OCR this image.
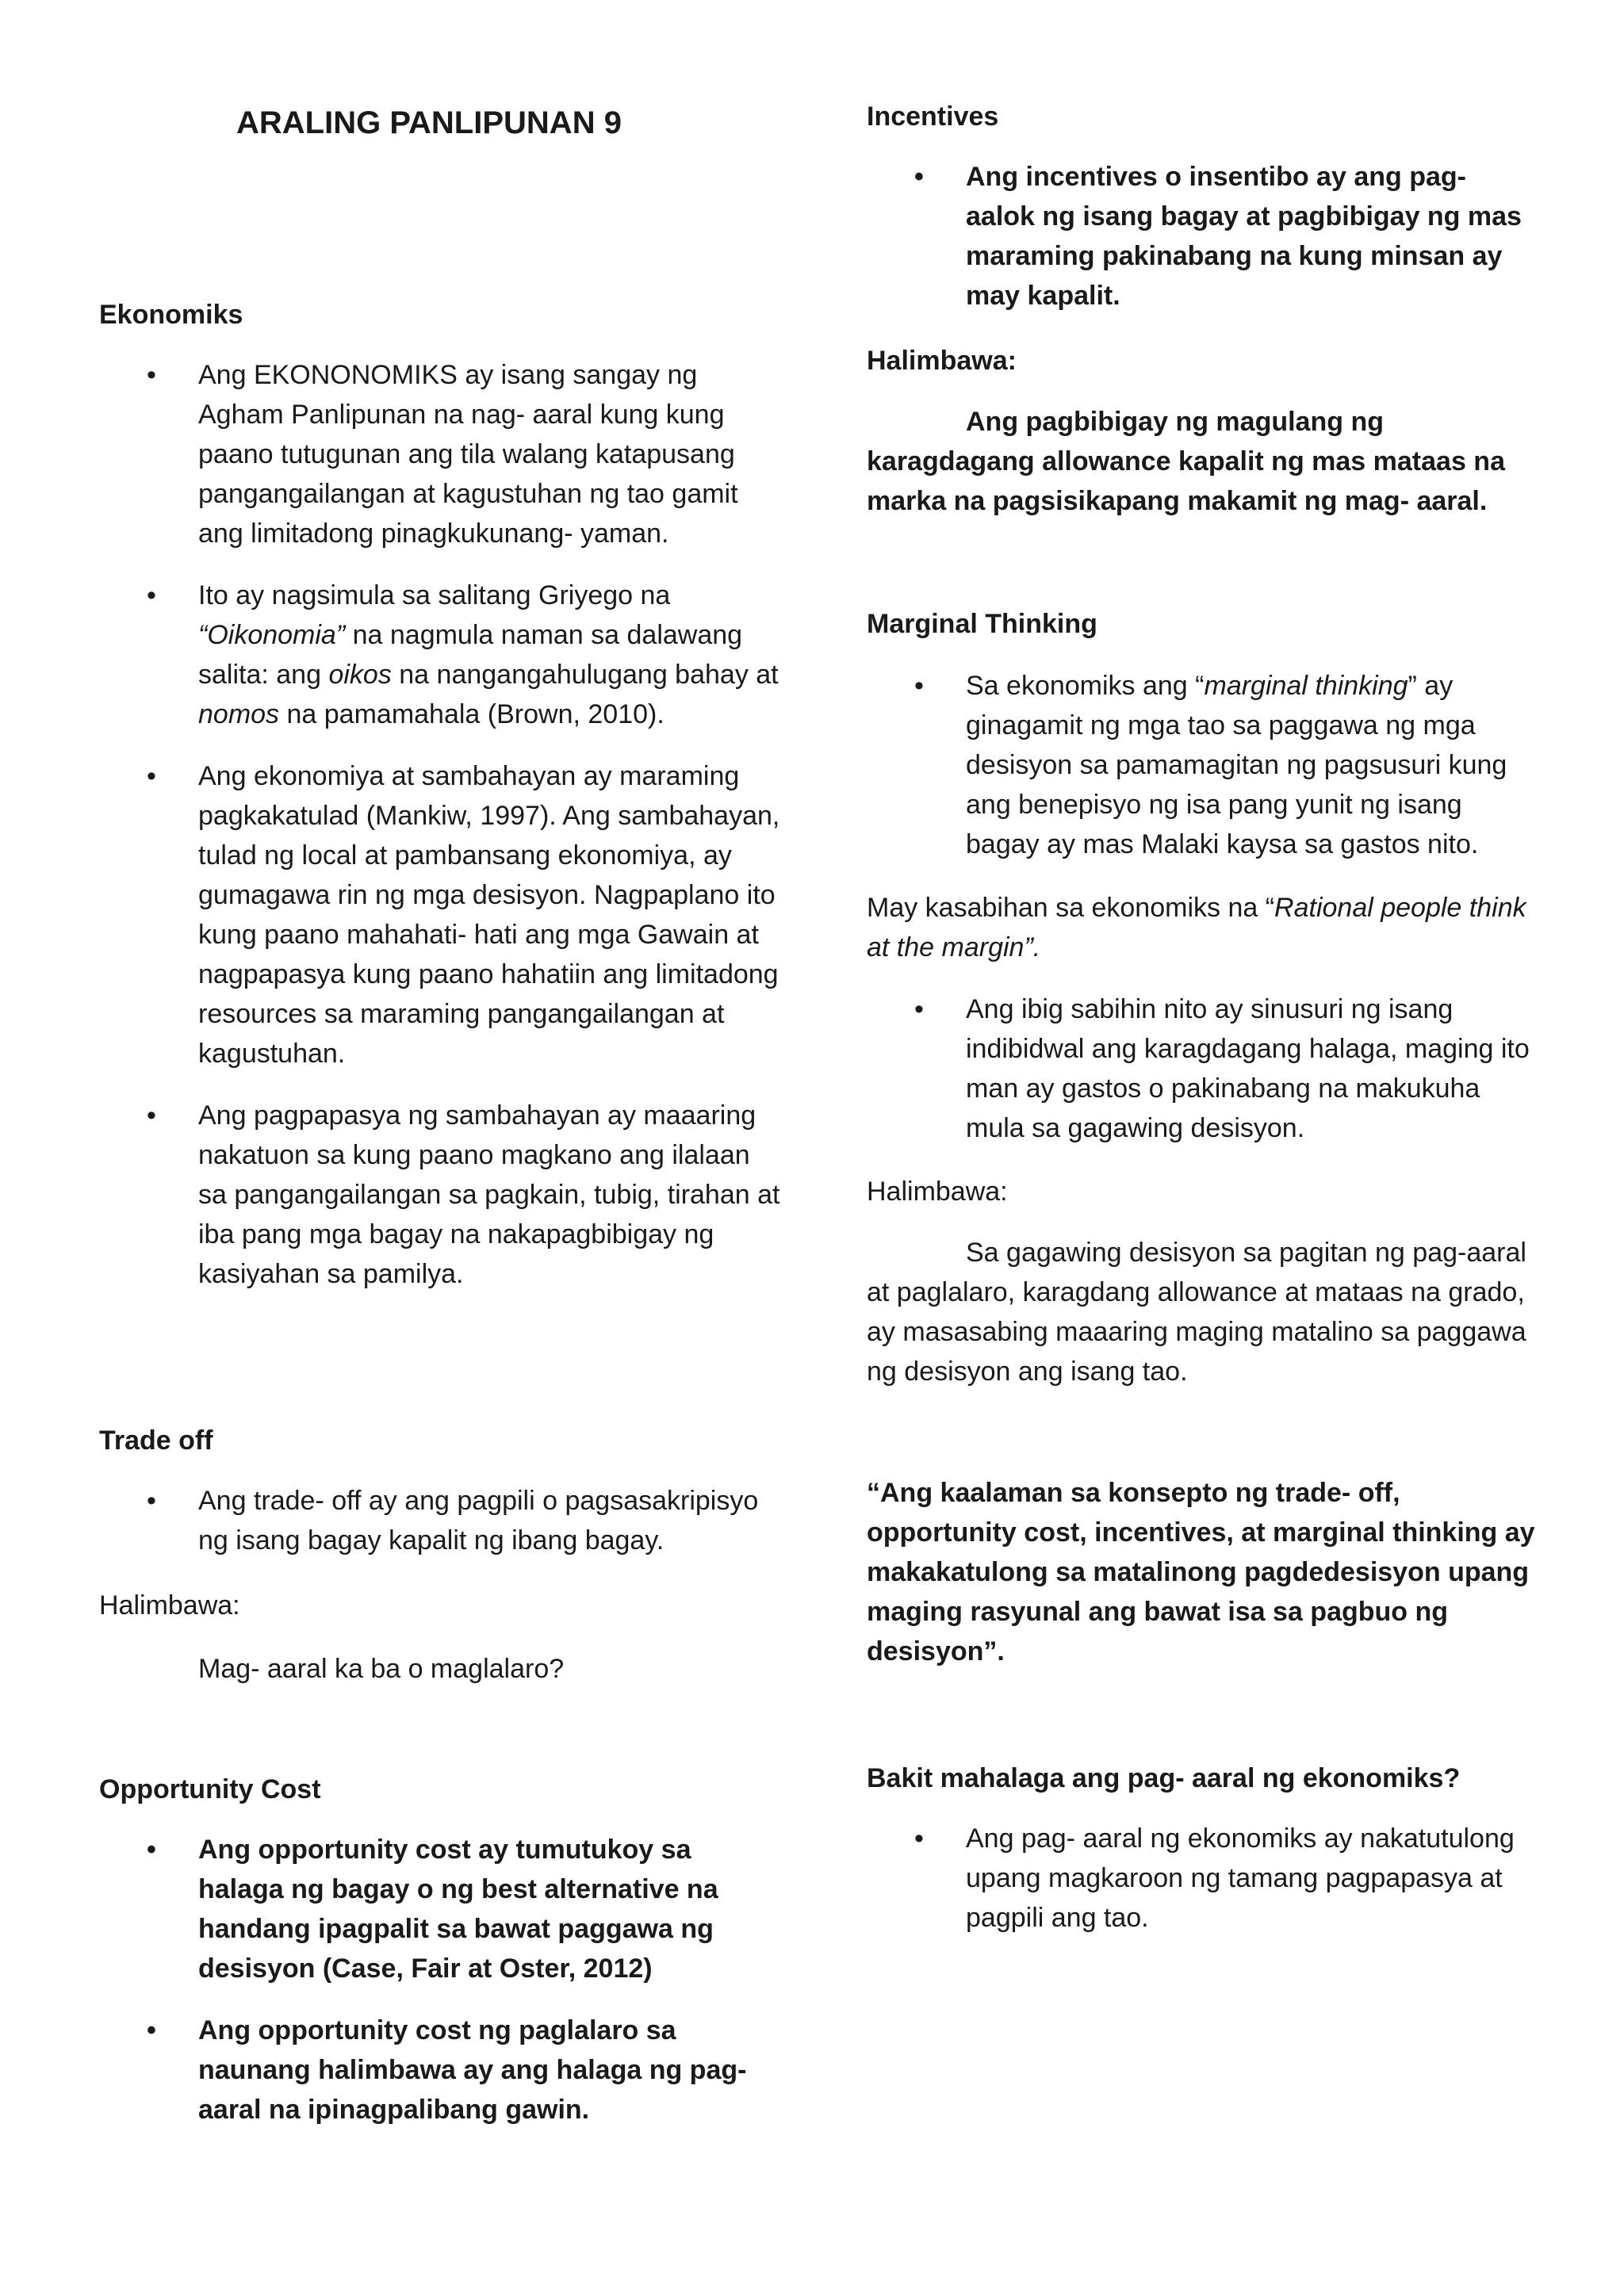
ARALING PANLIPUNAN 9
Ekonomiks
• Ang EKONONOMIKS ay isang sangay ng Agham Panlipunan na nag- aaral kung kung paano tutugunan ang tila walang katapusang pangangailangan at kagustuhan ng tao gamit ang limitadong pinagkukunang- yaman.
• Ito ay nagsimula sa salitang Griyego na “Oikonomia” na nagmula naman sa dalawang salita: ang oikos na nangangahulugang bahay at nomos na pamamahala (Brown, 2010).
• Ang ekonomiya at sambahayan ay maraming pagkakatulad (Mankiw, 1997). Ang sambahayan, tulad ng local at pambansang ekonomiya, ay gumagawa rin ng mga desisyon. Nagpaplano ito kung paano mahahati- hati ang mga Gawain at nagpapasya kung paano hahatiin ang limitadong resources sa maraming pangangailangan at kagustuhan.
• Ang pagpapasya ng sambahayan ay maaaring nakatuon sa kung paano magkano ang ilalaan sa pangangailangan sa pagkain, tubig, tirahan at iba pang mga bagay na nakapagbibigay ng kasiyahan sa pamilya.
Trade off
• Ang trade- off ay ang pagpili o pagsasakripisyo ng isang bagay kapalit ng ibang bagay.
Halimbawa:
Mag- aaral ka ba o maglalaro?
Opportunity Cost
• Ang opportunity cost ay tumutukoy sa halaga ng bagay o ng best alternative na handang ipagpalit sa bawat paggawa ng desisyon (Case, Fair at Oster, 2012)
• Ang opportunity cost ng paglalaro sa naunang halimbawa ay ang halaga ng pag- aaral na ipinagpalibang gawin.
Incentives
• Ang incentives o insentibo ay ang pag- aalok ng isang bagay at pagbibigay ng mas maraming pakinabang na kung minsan ay may kapalit.
Halimbawa:

Ang pagbibigay ng magulang ng karagdagang allowance kapalit ng mas mataas na marka na pagsisikapang makamit ng mag- aaral.

Marginal Thinking
• Sa ekonomiks ang “marginal thinking” ay ginagamit ng mga tao sa paggawa ng mga desisyon sa pamamagitan ng pagsusuri kung ang benepisyo ng isa pang yunit ng isang bagay ay mas Malaki kaysa sa gastos nito.

May kasabihan sa ekonomiks na “Rational people think at the margin”.

• Ang ibig sabihin nito ay sinusuri ng isang indibidwal ang karagdagang halaga, maging ito man ay gastos o pakinabang na makukuha mula sa gagawing desisyon.
Halimbawa:

Sa gagawing desisyon sa pagitan ng pag-aaral at paglalaro, karagdang allowance at mataas na grado, ay masasabing maaaring maging matalino sa paggawa ng desisyon ang isang tao.

“Ang kaalaman sa konsepto ng trade- off, opportunity cost, incentives, at marginal thinking ay makakatulong sa matalinong pagdedesisyon upang maging rasyunal ang bawat isa sa pagbuo ng desisyon”.

Bakit mahalaga ang pag- aaral ng ekonomiks?
• Ang pag- aaral ng ekonomiks ay nakatutulong upang magkaroon ng tamang pagpapasya at pagpili ang tao.
